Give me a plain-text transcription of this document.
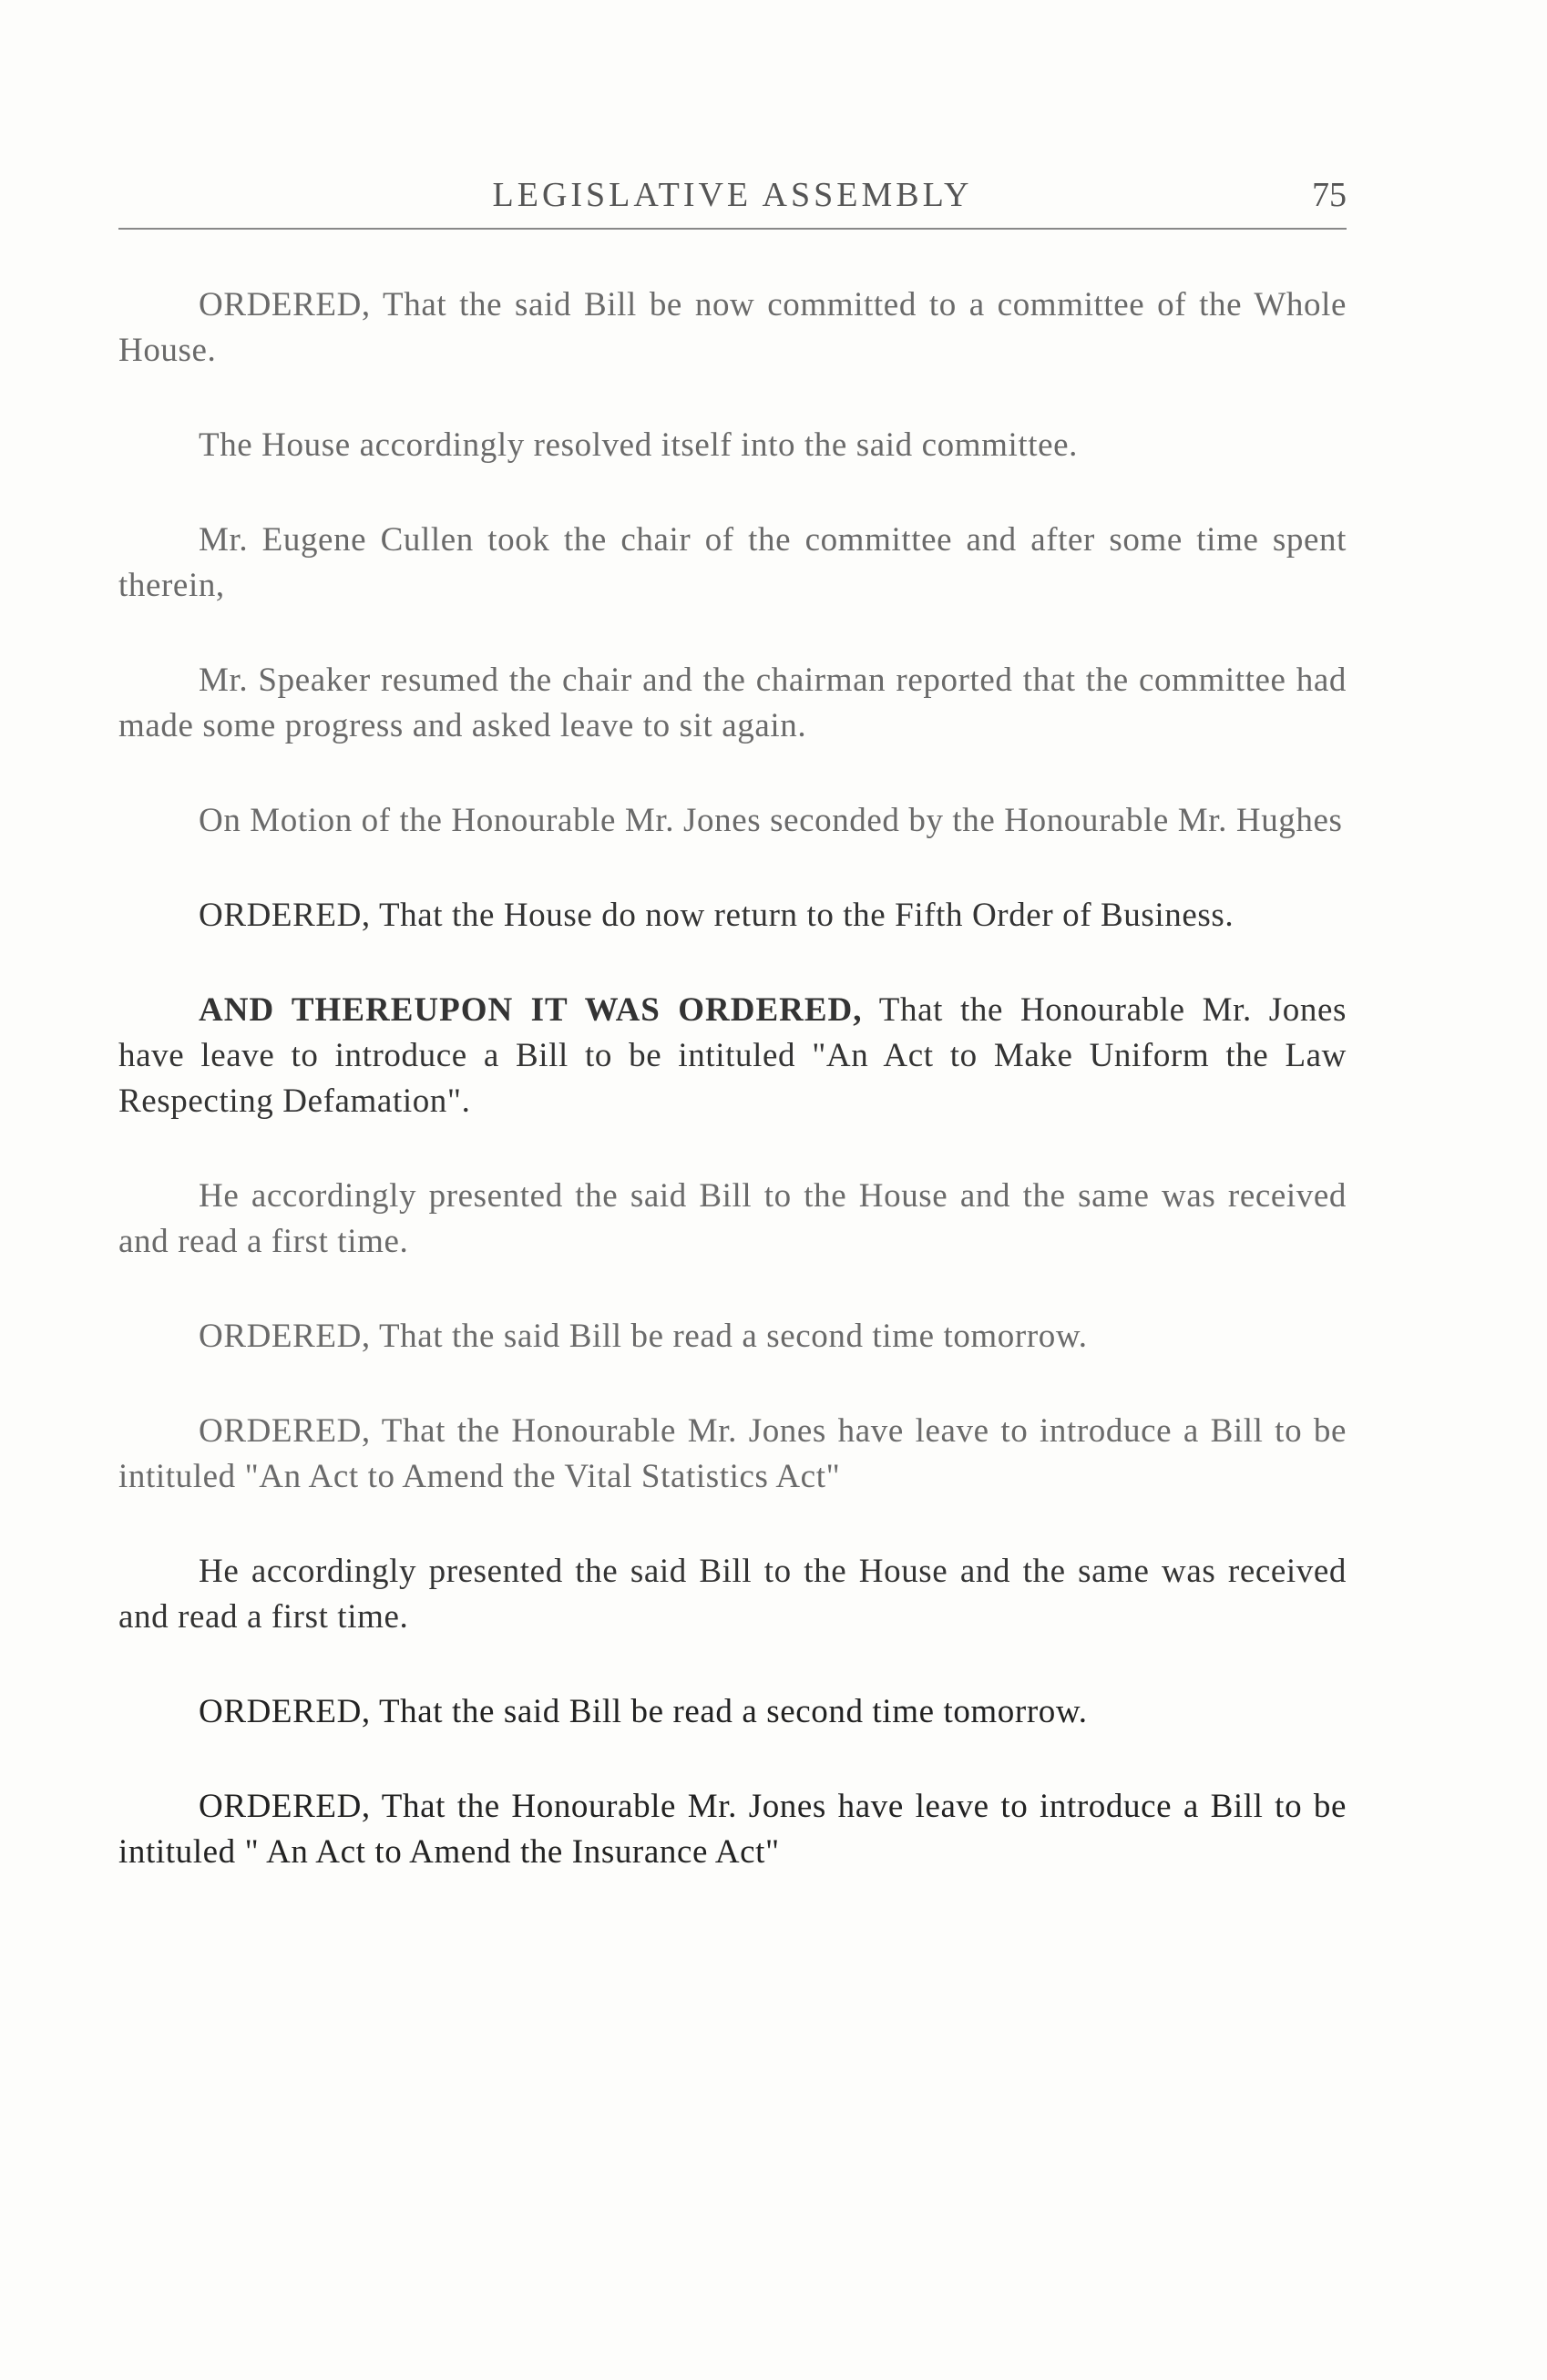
LEGISLATIVE ASSEMBLY	75

ORDERED, That the said Bill be now committed to a committee of the Whole House.

The House accordingly resolved itself into the said committee.

Mr. Eugene Cullen took the chair of the committee and after some time spent therein,

Mr. Speaker resumed the chair and the chairman reported that the committee had made some progress and asked leave to sit again.

On Motion of the Honourable Mr. Jones seconded by the Honourable Mr. Hughes

ORDERED, That the House do now return to the Fifth Order of Business.

AND THEREUPON IT WAS ORDERED, That the Honourable Mr. Jones have leave to introduce a Bill to be intituled "An Act to Make Uniform the Law Respecting Defamation".

He accordingly presented the said Bill to the House and the same was received and read a first time.

ORDERED, That the said Bill be read a second time tomorrow.

ORDERED, That the Honourable Mr. Jones have leave to introduce a Bill to be intituled "An Act to Amend the Vital Statistics Act"

He accordingly presented the said Bill to the House and the same was received and read a first time.

ORDERED, That the said Bill be read a second time tomorrow.

ORDERED, That the Honourable Mr. Jones have leave to introduce a Bill to be intituled " An Act to Amend the Insurance Act"
